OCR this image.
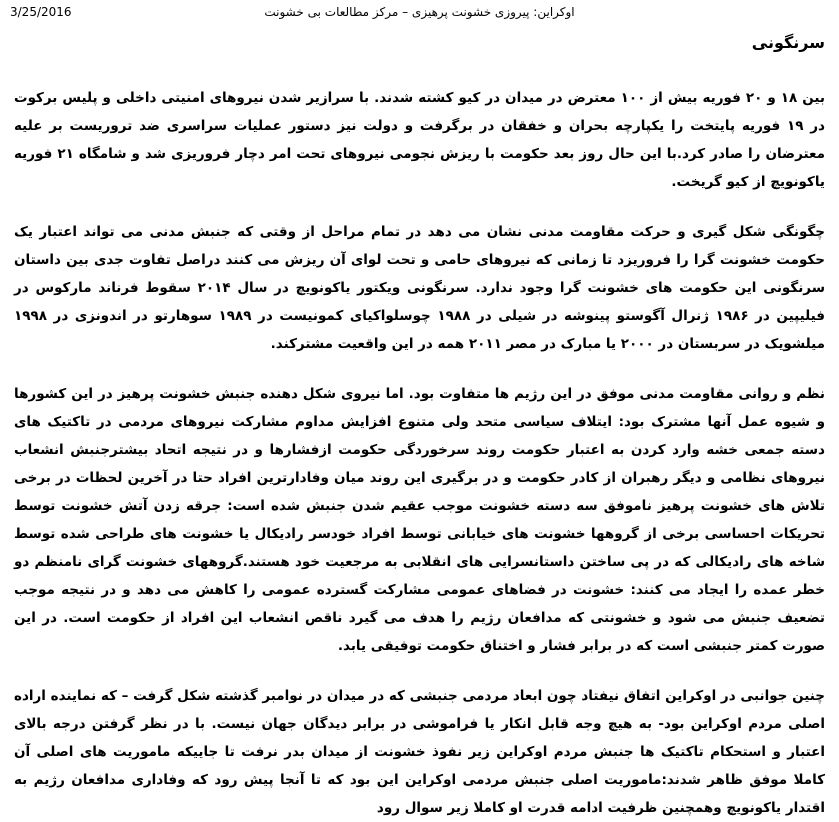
3/25/2016	اوکراین: پیروزی خشونت پرهیزی – مرکز مطالعات بی خشونت
سرنگونی

بین ۱۸ و ۲۰ فوریه بیش از ۱۰۰ معترض در میدان در کیو کشته شدند. با سرازیر شدن نیروهای امنیتی داخلی و پلیس برکوت در ۱۹ فوریه پایتخت را یکپارچه بحران و خفقان در برگرفت و دولت نیز دستور عملیات سراسری ضد تروریست بر علیه معترضان را صادر کرد.با این حال روز بعد حکومت با ریزش نجومی نیروهای تحت امر دچار فروریزی شد و شامگاه ۲۱ فوریه یاکونویچ از کیو گریخت.

چگونگی شکل گیری و حرکت مقاومت مدنی نشان می دهد در تمام مراحل از وقتی که جنبش مدنی می تواند اعتبار یک حکومت خشونت گرا را فروریزد تا زمانی که نیروهای حامی و تحت لوای آن ریزش می کنند دراصل تفاوت جدی بین داستان سرنگونی این حکومت های خشونت گرا وجود ندارد. سرنگونی ویکتور یاکونویچ در سال ۲۰۱۴ سقوط فرناند مارکوس در فیلیپین در ۱۹۸۶ ژنرال آگوستو پینوشه در شیلی در ۱۹۸۸ چوسلواکیای کمونیست در ۱۹۸۹ سوهارتو در اندونزی در ۱۹۹۸ میلشویک در سربستان در ۲۰۰۰ یا مبارک در مصر ۲۰۱۱ همه در این واقعیت مشترکند.

نظم و روانی مقاومت مدنی موفق در این رژیم ها متفاوت بود. اما نیروی شکل دهنده جنبش خشونت پرهیز در این کشورها و شیوه عمل آنها مشترک بود: ایتلاف سیاسی متحد ولی متنوع افزایش مداوم مشارکت نیروهای مردمی در تاکتیک های دسته جمعی خشه وارد کردن به اعتبار حکومت روند سرخوردگی حکومت ازفشارها و در نتیجه اتحاد بیشترجنبش انشعاب نیروهای نظامی و دیگر رهبران از کادر حکومت و در برگیری این روند میان وفادارترین افراد حتا در آخرین لحظات در برخی تلاش های خشونت پرهیز ناموفق سه دسته خشونت موجب عقیم شدن جنبش شده است: جرقه زدن آتش خشونت توسط تحریکات احساسی برخی از گروهها خشونت های خیابانی توسط افراد خودسر رادیکال یا خشونت های طراحی شده توسط شاخه های رادیکالی که در پی ساختن داستانسرایی های انقلابی به مرجعیت خود هستند.گروههای خشونت گرای نامنظم دو خطر عمده را ایجاد می کنند: خشونت در فضاهای عمومی مشارکت گسترده عمومی را کاهش می دهد و در نتیجه موجب تضعیف جنبش می شود و خشونتی که مدافعان رژیم را هدف می گیرد ناقص انشعاب این افراد از حکومت است. در این صورت کمتر جنبشی است که در برابر فشار و اختناق حکومت توفیقی یابد.

چنین جوانبی در اوکراین اتفاق نیفتاد چون ابعاد مردمی جنبشی که در میدان در نوامبر گذشته شکل گرفت – که نماینده اراده اصلی مردم اوکراین بود- به هیچ وجه قابل انکار یا فراموشی در برابر دیدگان جهان نیست. با در نظر گرفتن درجه بالای اعتبار و استحکام تاکتیک ها جنبش مردم اوکراین زیر نفوذ خشونت از میدان بدر نرفت تا جاییکه ماموریت های اصلی آن کاملا موفق ظاهر شدند:ماموریت اصلی جنبش مردمی اوکراین این بود که تا آنجا پیش رود که وفاداری مدافعان رژیم به اقتدار یاکونویچ وهمچنین ظرفیت ادامه قدرت او کاملا زیر سوال رود
